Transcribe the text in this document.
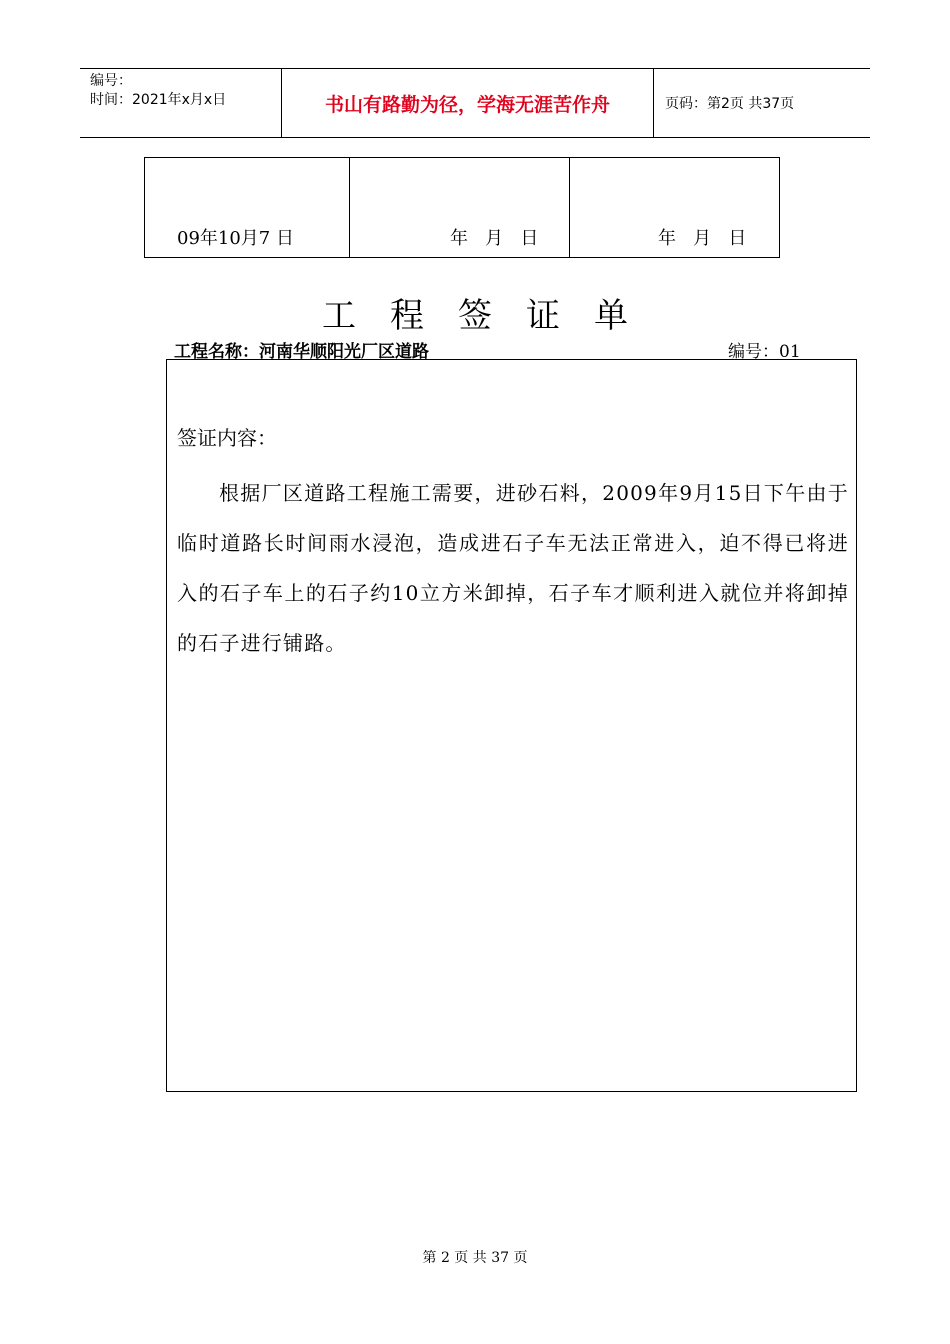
编号：
时间：2021年x月x日	书山有路勤为径，学海无涯苦作舟	页码：第2页 共37页
09年10月7 日	年   月   日	年   月   日
工程签证单
工程名称：河南华顺阳光厂区道路	编号：01
签证内容：
根据厂区道路工程施工需要，进砂石料，2009年9月15日下午由于临时道路长时间雨水浸泡，造成进石子车无法正常进入，迫不得已将进入的石子车上的石子约10立方米卸掉，石子车才顺利进入就位并将卸掉的石子进行铺路。
第 2 页 共 37 页
